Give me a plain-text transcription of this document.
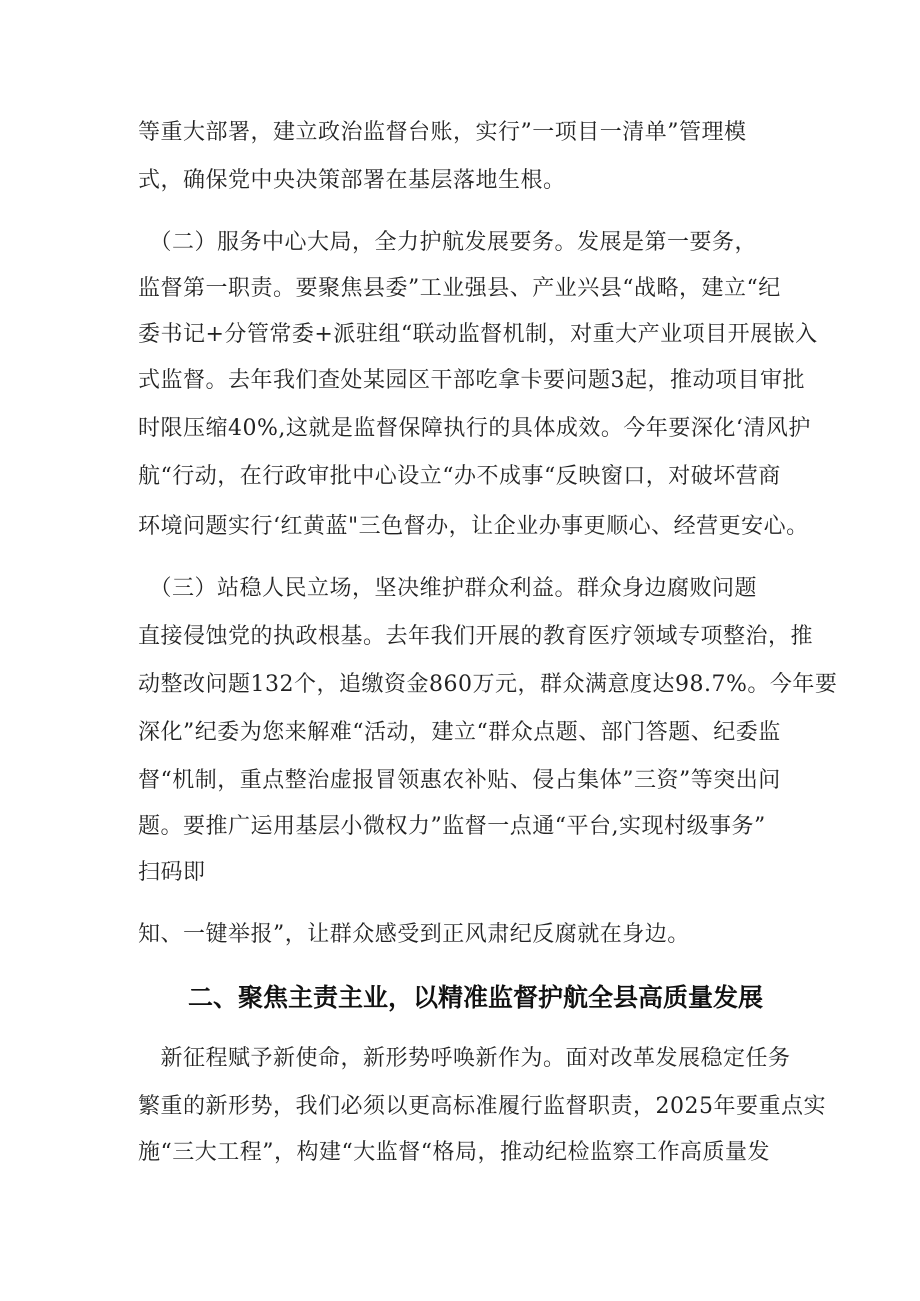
等重大部署，建立政治监督台账，实行”一项目一清单”管理模
式，确保党中央决策部署在基层落地生根。
　（二）服务中心大局，全力护航发展要务。发展是第一要务，
监督第一职责。要聚焦县委”工业强县、产业兴县“战略，建立“纪
委书记+分管常委+派驻组“联动监督机制，对重大产业项目开展嵌入
式监督。去年我们查处某园区干部吃拿卡要问题3起，推动项目审批
时限压缩40%,这就是监督保障执行的具体成效。今年要深化‘清风护
航“行动，在行政审批中心设立“办不成事“反映窗口，对破坏营商
环境问题实行‘红黄蓝"三色督办，让企业办事更顺心、经营更安心。
　（三）站稳人民立场，坚决维护群众利益。群众身边腐败问题
直接侵蚀党的执政根基。去年我们开展的教育医疗领域专项整治，推
动整改问题132个，追缴资金860万元，群众满意度达98.7%。今年要
深化”纪委为您来解难“活动，建立“群众点题、部门答题、纪委监
督“机制，重点整治虚报冒领惠农补贴、侵占集体”三资”等突出问
题。要推广运用基层小微权力”监督一点通“平台,实现村级事务”
扫码即
知、一键举报”，让群众感受到正风肃纪反腐就在身边。
二、聚焦主责主业，以精准监督护航全县高质量发展
　新征程赋予新使命，新形势呼唤新作为。面对改革发展稳定任务
繁重的新形势，我们必须以更高标准履行监督职责，2025年要重点实
施“三大工程”，构建“大监督“格局，推动纪检监察工作高质量发
